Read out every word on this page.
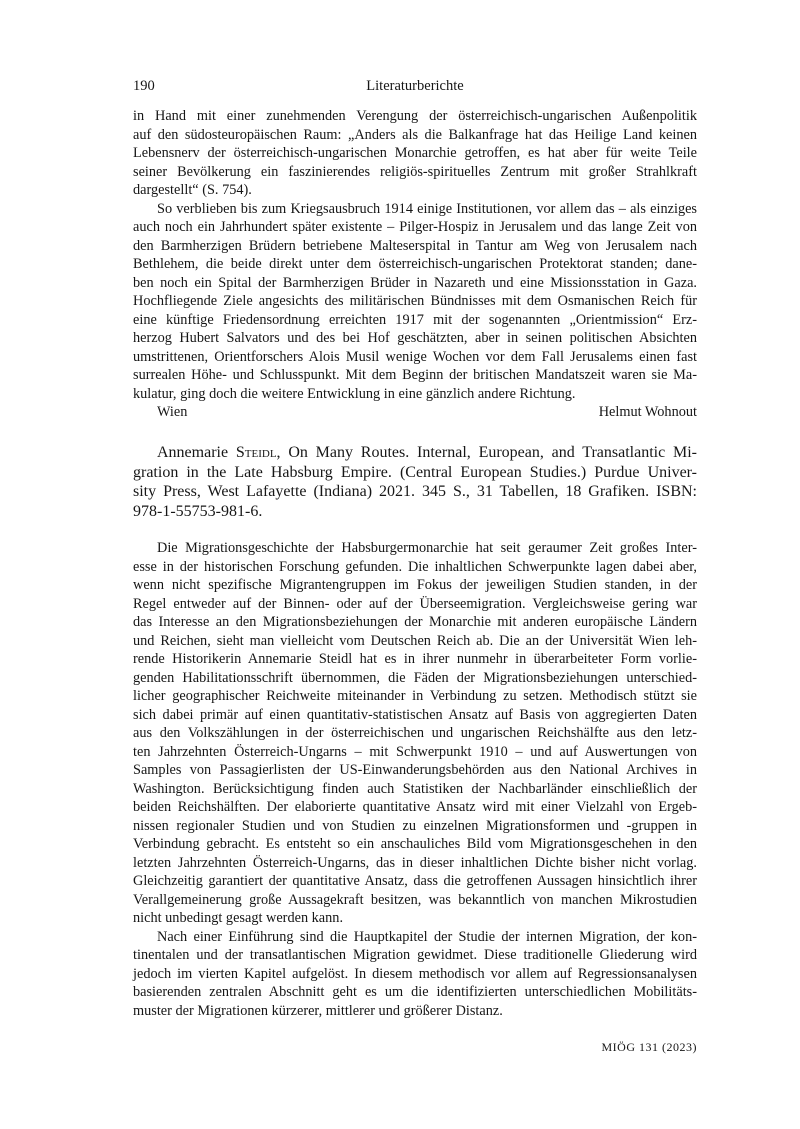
190	Literaturberichte
in Hand mit einer zunehmenden Verengung der österreichisch-ungarischen Außenpolitik
auf den südosteuropäischen Raum: „Anders als die Balkanfrage hat das Heilige Land keinen
Lebensnerv der österreichisch-ungarischen Monarchie getroffen, es hat aber für weite Teile
seiner Bevölkerung ein faszinierendes religiös-spirituelles Zentrum mit großer Strahlkraft
dargestellt“ (S. 754).
So verblieben bis zum Kriegsausbruch 1914 einige Institutionen, vor allem das – als einziges
auch noch ein Jahrhundert später existente – Pilger-Hospiz in Jerusalem und das lange Zeit von
den Barmherzigen Brüdern betriebene Malteserspital in Tantur am Weg von Jerusalem nach
Bethlehem, die beide direkt unter dem österreichisch-ungarischen Protektorat standen; dane-
ben noch ein Spital der Barmherzigen Brüder in Nazareth und eine Missionsstation in Gaza.
Hochfliegende Ziele angesichts des militärischen Bündnisses mit dem Osmanischen Reich für
eine künftige Friedensordnung erreichten 1917 mit der sogenannten „Orientmission“ Erz-
herzog Hubert Salvators und des bei Hof geschätzten, aber in seinen politischen Absichten
umstrittenen, Orientforschers Alois Musil wenige Wochen vor dem Fall Jerusalems einen fast
surrealen Höhe- und Schlusspunkt. Mit dem Beginn der britischen Mandatszeit waren sie Ma-
kulatur, ging doch die weitere Entwicklung in eine gänzlich andere Richtung.
Wien	Helmut Wohnout
Annemarie Steidl, On Many Routes. Internal, European, and Transatlantic Mi-
gration in the Late Habsburg Empire. (Central European Studies.) Purdue Univer-
sity Press, West Lafayette (Indiana) 2021. 345 S., 31 Tabellen, 18 Grafiken. ISBN:
978-1-55753-981-6.
Die Migrationsgeschichte der Habsburgermonarchie hat seit geraumer Zeit großes Inter-
esse in der historischen Forschung gefunden. Die inhaltlichen Schwerpunkte lagen dabei aber,
wenn nicht spezifische Migrantengruppen im Fokus der jeweiligen Studien standen, in der
Regel entweder auf der Binnen- oder auf der Überseemigration. Vergleichsweise gering war
das Interesse an den Migrationsbeziehungen der Monarchie mit anderen europäische Ländern
und Reichen, sieht man vielleicht vom Deutschen Reich ab. Die an der Universität Wien leh-
rende Historikerin Annemarie Steidl hat es in ihrer nunmehr in überarbeiteter Form vorlie-
genden Habilitationsschrift übernommen, die Fäden der Migrationsbeziehungen unterschied-
licher geographischer Reichweite miteinander in Verbindung zu setzen. Methodisch stützt sie
sich dabei primär auf einen quantitativ-statistischen Ansatz auf Basis von aggregierten Daten
aus den Volkszählungen in der österreichischen und ungarischen Reichshälfte aus den letz-
ten Jahrzehnten Österreich-Ungarns – mit Schwerpunkt 1910 – und auf Auswertungen von
Samples von Passagierlisten der US-Einwanderungsbehörden aus den National Archives in
Washington. Berücksichtigung finden auch Statistiken der Nachbarländer einschließlich der
beiden Reichshälften. Der elaborierte quantitative Ansatz wird mit einer Vielzahl von Ergeb-
nissen regionaler Studien und von Studien zu einzelnen Migrationsformen und -gruppen in
Verbindung gebracht. Es entsteht so ein anschauliches Bild vom Migrationsgeschehen in den
letzten Jahrzehnten Österreich-Ungarns, das in dieser inhaltlichen Dichte bisher nicht vorlag.
Gleichzeitig garantiert der quantitative Ansatz, dass die getroffenen Aussagen hinsichtlich ihrer
Verallgemeinerung große Aussagekraft besitzen, was bekanntlich von manchen Mikrostudien
nicht unbedingt gesagt werden kann.
Nach einer Einführung sind die Hauptkapitel der Studie der internen Migration, der kon-
tinentalen und der transatlantischen Migration gewidmet. Diese traditionelle Gliederung wird
jedoch im vierten Kapitel aufgelöst. In diesem methodisch vor allem auf Regressionsanalysen
basierenden zentralen Abschnitt geht es um die identifizierten unterschiedlichen Mobilitäts-
muster der Migrationen kürzerer, mittlerer und größerer Distanz.
MIÖG 131 (2023)
